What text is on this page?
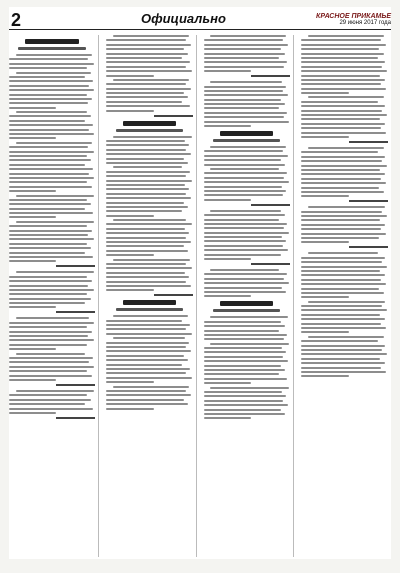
2	Официально	КРАСНОЕ ПРИКАМЬЕ
29 июня 2017 года
